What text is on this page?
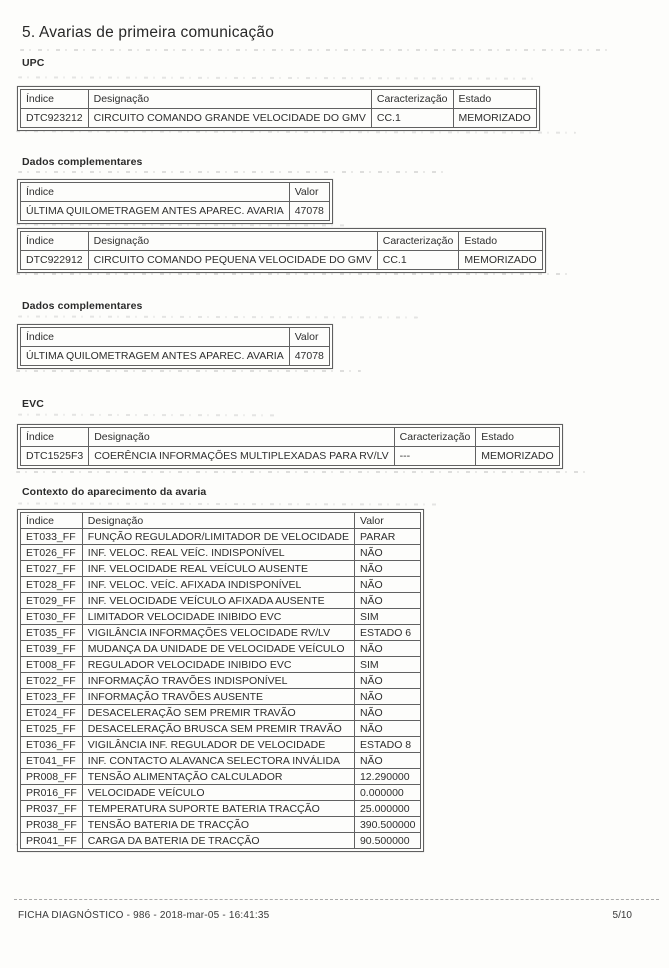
5. Avarias de primeira comunicação
UPC
Índice	Designação	Caracterização	Estado
DTC923212	CIRCUITO COMANDO GRANDE VELOCIDADE DO GMV	CC.1	MEMORIZADO
Dados complementares
Índice	Valor
ÚLTIMA QUILOMETRAGEM ANTES APAREC. AVARIA	47078
Índice	Designação	Caracterização	Estado
DTC922912	CIRCUITO COMANDO PEQUENA VELOCIDADE DO GMV	CC.1	MEMORIZADO
Dados complementares
Índice	Valor
ÚLTIMA QUILOMETRAGEM ANTES APAREC. AVARIA	47078
EVC
Índice	Designação	Caracterização	Estado
DTC1525F3	COERÊNCIA INFORMAÇÕES MULTIPLEXADAS PARA RV/LV	---	MEMORIZADO
Contexto do aparecimento da avaria
Índice	Designação	Valor
ET033_FF	FUNÇÃO REGULADOR/LIMITADOR DE VELOCIDADE	PARAR
ET026_FF	INF. VELOC. REAL VEÍC. INDISPONÍVEL	NÃO
ET027_FF	INF. VELOCIDADE REAL VEÍCULO AUSENTE	NÃO
ET028_FF	INF. VELOC. VEÍC. AFIXADA INDISPONÍVEL	NÃO
ET029_FF	INF. VELOCIDADE VEÍCULO AFIXADA AUSENTE	NÃO
ET030_FF	LIMITADOR VELOCIDADE INIBIDO EVC	SIM
ET035_FF	VIGILÂNCIA INFORMAÇÕES VELOCIDADE RV/LV	ESTADO 6
ET039_FF	MUDANÇA DA UNIDADE DE VELOCIDADE VEÍCULO	NÃO
ET008_FF	REGULADOR VELOCIDADE INIBIDO EVC	SIM
ET022_FF	INFORMAÇÃO TRAVÕES INDISPONÍVEL	NÃO
ET023_FF	INFORMAÇÃO TRAVÕES AUSENTE	NÃO
ET024_FF	DESACELERAÇÃO SEM PREMIR TRAVÃO	NÃO
ET025_FF	DESACELERAÇÃO BRUSCA SEM PREMIR TRAVÃO	NÃO
ET036_FF	VIGILÂNCIA INF. REGULADOR DE VELOCIDADE	ESTADO 8
ET041_FF	INF. CONTACTO ALAVANCA SELECTORA INVÁLIDA	NÃO
PR008_FF	TENSÃO ALIMENTAÇÃO CALCULADOR	12.290000
PR016_FF	VELOCIDADE VEÍCULO	0.000000
PR037_FF	TEMPERATURA SUPORTE BATERIA TRACÇÃO	25.000000
PR038_FF	TENSÃO BATERIA DE TRACÇÃO	390.500000
PR041_FF	CARGA DA BATERIA DE TRACÇÃO	90.500000
FICHA DIAGNÓSTICO - 986 - 2018-mar-05 - 16:41:35	5/10
